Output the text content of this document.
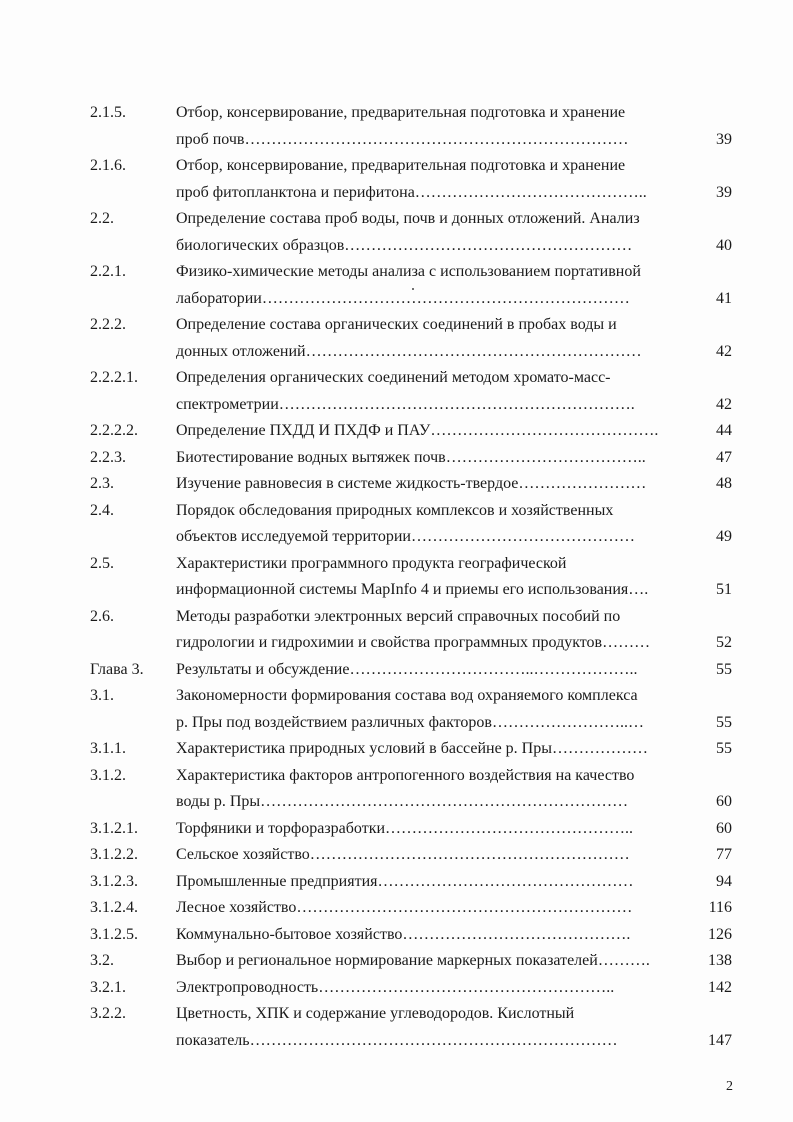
2.1.5.	Отбор, консервирование, предварительная подготовка и хранение
проб почв………………………………………………………………	39
2.1.6.	Отбор, консервирование, предварительная подготовка и хранение
проб фитопланктона и перифитона……………………………………..	39
2.2.	Определение состава проб воды, почв и донных отложений. Анализ
биологических образцов………………………………………………	40
2.2.1.	Физико-химические методы анализа с использованием портативной
лаборатории……………………………………………………………	41
2.2.2.	Определение состава органических соединений в пробах воды и
донных отложений………………………………………………………	42
2.2.2.1. Определения органических соединений методом хромато-масс-
спектрометрии………………………………………………………….	42
2.2.2.2. Определение ПХДД И ПХДФ и ПАУ…………………………………….	44
2.2.3.	Биотестирование водных вытяжек почв………………………………..	47
2.3.	Изучение равновесия в системе жидкость-твердое……………………	48
2.4.	Порядок обследования природных комплексов и хозяйственных
объектов исследуемой территории……………………………………	49
2.5.	Характеристики программного продукта географической
информационной системы MapInfo 4 и приемы его использования….	51
2.6.	Методы разработки электронных версий справочных пособий по
гидрологии и гидрохимии и свойства программных продуктов………	52
Глава 3. Результаты и обсуждение……………………………..………………..	55
3.1.	Закономерности формирования состава вод охраняемого комплекса
р. Пры под воздействием различных факторов……………………..…	55
3.1.1.	Характеристика природных условий в бассейне р. Пры………………	55
3.1.2.	Характеристика факторов антропогенного воздействия на качество
воды р. Пры……………………………………………………………	60
3.1.2.1. Торфяники и торфоразработки………………………………………..	60
3.1.2.2. Сельское хозяйство……………………………………………………	77
3.1.2.3. Промышленные предприятия…………………………………………	94
3.1.2.4. Лесное хозяйство………………………………………………………	116
3.1.2.5. Коммунально-бытовое хозяйство…………………………………….	126
3.2.	Выбор и региональное нормирование маркерных показателей……….	138
3.2.1.	Электропроводность………………………………………………..	142
3.2.2.	Цветность, ХПК и содержание углеводородов. Кислотный
показатель……………………………………………………………	147
2
